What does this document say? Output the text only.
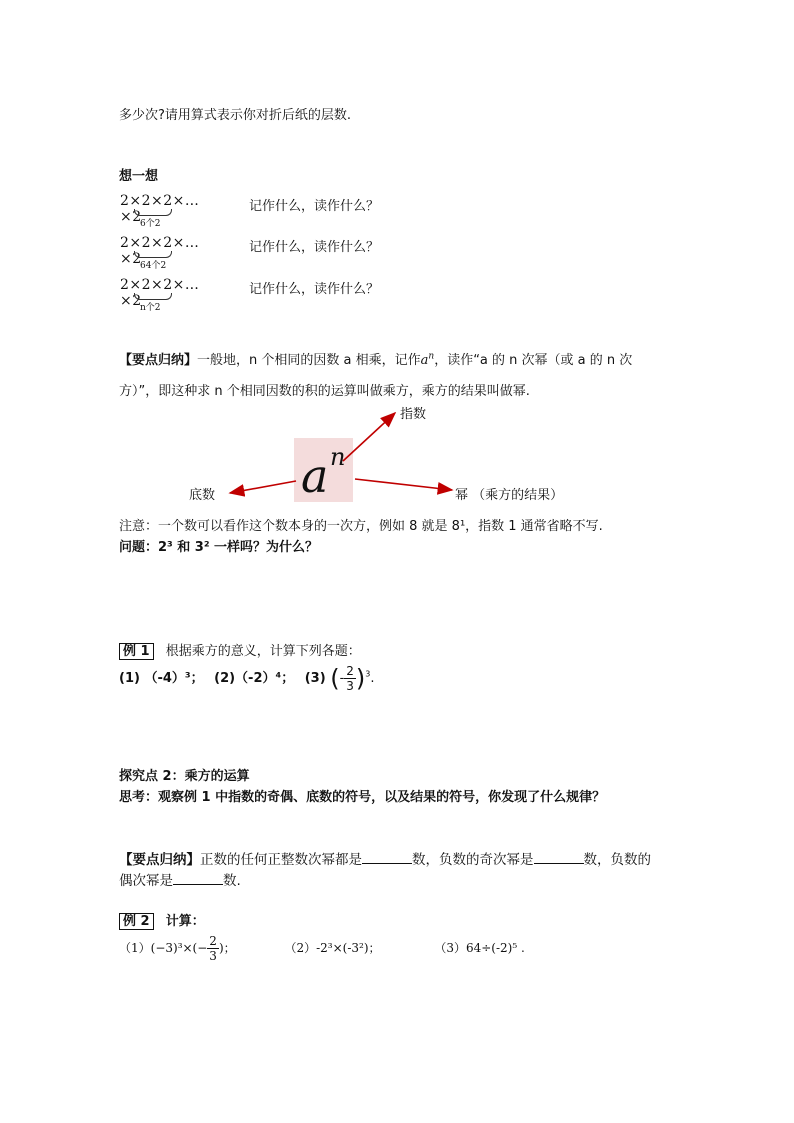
多少次?请用算式表示你对折后纸的层数.
想一想
2×2×2×…×2
6个2
记作什么，读作什么？
2×2×2×…×2
64个2
记作什么，读作什么？
2×2×2×…×2
n个2
记作什么，读作什么？
【要点归纳】一般地，n 个相同的因数 a 相乘，记作$a^n$，读作“a 的 n 次幂（或 a 的 n 次
方）”，即这种求 n 个相同因数的积的运算叫做乘方，乘方的结果叫做幂.
a n
指数
底数	幂 （乘方的结果）
注意：一个数可以看作这个数本身的一次方，例如 8 就是 8¹，指数 1 通常省略不写.
问题：2³ 和 3² 一样吗？为什么？
例 1 根据乘方的意义，计算下列各题：
(1) （-4）³； (2)（-2）⁴； (3) (- $\frac{2}{3} )^3$.
探究点 2：乘方的运算
思考：观察例 1 中指数的奇偶、底数的符号，以及结果的符号，你发现了什么规律？
【要点归纳】正数的任何正整数次幂都是	数，负数的奇次幂是	数，负数的
偶次幂是	数.
例 2 计算：
$(1)(-3)^3\times(- \frac{2}{3}$ )；	（2）-2³×(-3²)；	（3）64÷(-2)⁵ .
